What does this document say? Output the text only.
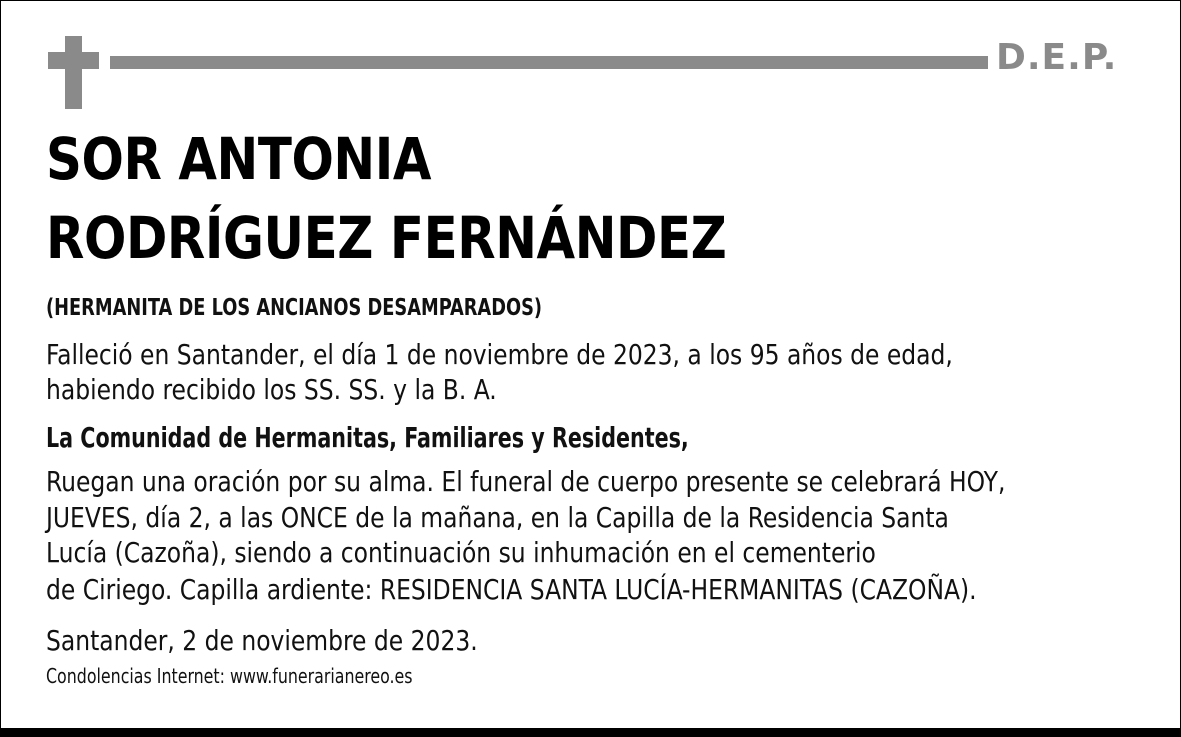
D.E.P.
SOR ANTONIA
RODRÍGUEZ FERNÁNDEZ
(HERMANITA DE LOS ANCIANOS DESAMPARADOS)
Falleció en Santander, el día 1 de noviembre de 2023, a los 95 años de edad,
habiendo recibido los SS. SS. y la B. A.
La Comunidad de Hermanitas, Familiares y Residentes,
Ruegan una oración por su alma. El funeral de cuerpo presente se celebrará HOY,
JUEVES, día 2, a las ONCE de la mañana, en la Capilla de la Residencia Santa
Lucía (Cazoña), siendo a continuación su inhumación en el cementerio
de Ciriego. Capilla ardiente: RESIDENCIA SANTA LUCÍA-HERMANITAS (CAZOÑA).
Santander, 2 de noviembre de 2023.
Condolencias Internet: www.funerarianereo.es
